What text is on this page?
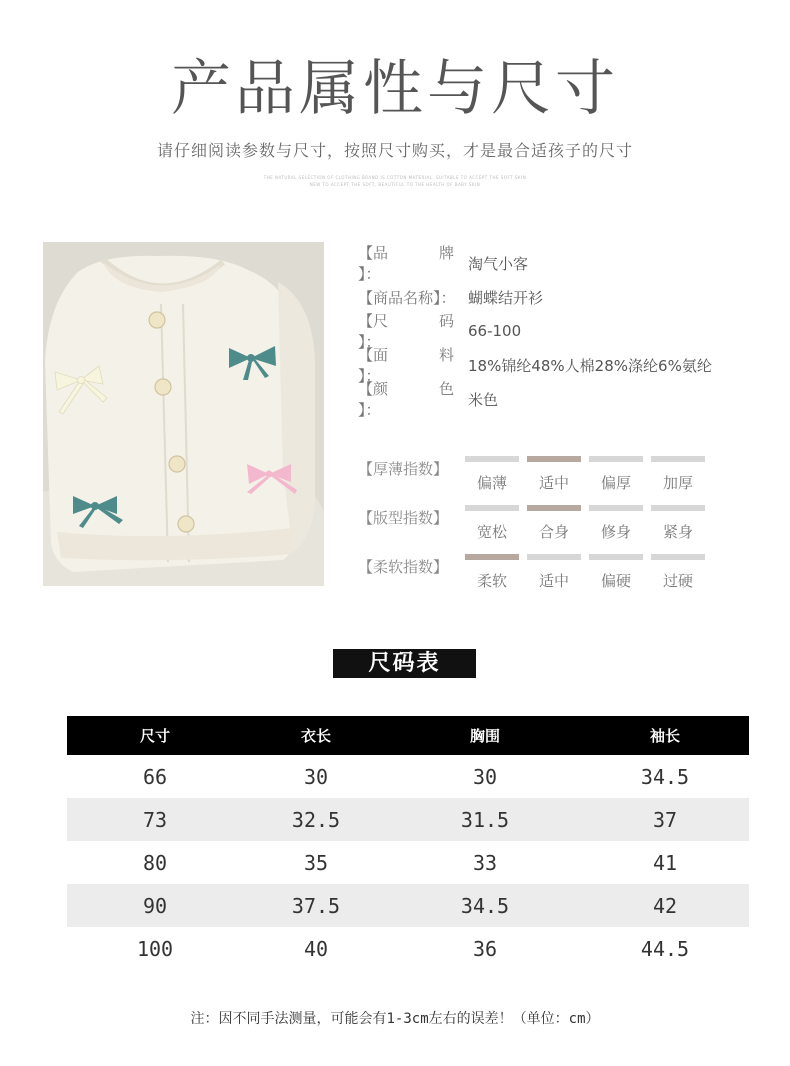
产品属性与尺寸
请仔细阅读参数与尺寸，按照尺寸购买，才是最合适孩子的尺寸
THE NATURAL SELECTION OF CLOTHING BRAND IS COTTON MATERIAL, SUITABLE TO ACCEPT THE SOFT SKIN
NEW TO ACCEPT THE SOFT, BEAUTIFUL TO THE HEALTH OF BABY SKIN
【品	牌】：
淘气小客
【商品名称】： 蝴蝶结开衫
【尺	码】：
66-100
【面	料】：
18%锦纶48%人棉28%涤纶6%氨纶
【颜	色】：
米色
【厚薄指数】
偏薄	适中	偏厚	加厚
【版型指数】
宽松	合身	修身	紧身
【柔软指数】
柔软	适中	偏硬	过硬
尺码表
尺寸	衣长	胸围	袖长
66	30	30	34.5
73	32.5	31.5	37
80	35	33	41
90	37.5	34.5	42
100	40	36	44.5
注：因不同手法测量，可能会有1-3cm左右的误差！（单位：cm）
